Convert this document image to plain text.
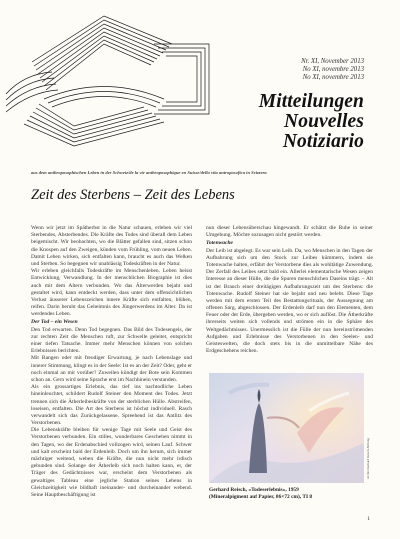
Nr. XI, November 2013
No XI, novembre 2013
No XI, novembre 2013
Mitteilungen
Nouvelles
Notiziario
aus dem anthroposophischen Leben in der Schweiz/de la vie anthroposophique en Suisse/della vita antroposofica in Svizzera
Zeit des Sterbens – Zeit des Lebens

Wenn wir jetzt im Spätherbst in die Natur schauen, erleben wir viel Sterbendes, Absterbendes. Die Kräfte des Todes sind überall dem Leben beigemischt. Wir beobachten, wo die Blätter gefallen sind, sitzen schon die Knospen auf den Zweigen, künden vom Frühling, vom neuen Leben. Damit Leben wirken, sich entfalten kann, braucht es auch das Welken und Sterben. So begegnen wir unablässig Todeskräften in der Natur.

Wir erleben gleichfalls Todeskräfte im Menschenleben. Leben heisst Entwicklung, Verwandlung. In der menschlichen Biographie ist dies auch mit dem Altern verbunden. Wo das Älterwerden bejaht und gestaltet wird, kann entdeckt werden, dass unter dem offensichtlichen Verlust äusserer Lebenszeichen innere Kräfte sich entfalten, blühen, reifen. Darin beruht das Geheimnis des Jüngerwerdens im Alter. Da ist werdendes Leben.

Der Tod – ein Wesen

Den Tod erwarten. Denn Tod begegnen. Das Bild des Todesengels, der zur rechten Zeit die Menschen ruft, zur Schwelle geleitet, entspricht einer tiefen Tatsache. Immer mehr Menschen können von solchen Erlebnissen berichten.

Mit Bangen oder mit freudiger Erwartung, je nach Lebenslage und innerer Stimmung, klingt es in der Seele: Ist es an der Zeit? Oder, geht er noch einmal an mir vorüber? Zuweilen kündigt der Bote sein Kommen schon an. Gern wird seine Sprache erst im Nachhinein verstanden.

Als ein grossartiges Erlebnis, das tief ins nachtodliche Leben hineinleuchtet, schildert Rudolf Steiner den Moment des Todes. Jetzt trennen sich die Ätherleibeskräfte von der sterblichen Hülle. Abstreifen, loseisen, entfalten. Die Art des Sterbens ist höchst individuell. Rasch verwandelt sich das Zurückgelassene. Spreehend ist das Antlitz des Verstorbenen.

Die Lebenskräfte bleiben für wenige Tage mit Seele und Geist des Verstorbenen verbunden. Ein stilles, wunderbares Geschehen nimmt in den Tagen, wo der Erdenabschied vollzogen wird, seinen Lauf. Schwer und kalt erscheint bald der Erdenleib. Doch um ihn herum, sich immer mächtiger weitend, weben die Kräfte, die nun nicht mehr irdisch gebunden sind. Solange der Ätherleib sich noch halten kann, er, der Träger des Gedächtnisses war, erscheint dem Verstorbenen als gewaltiges Tableau eine jegliche Station seines Lebens in Gleichzeitigkeit wie bildhaft ineinander- und durcheinander webend. Seine Hauptbeschäftigung ist

nun dieser Lebensüberschau hingewandt. Er schätzt die Ruhe in seiner Umgebung. Möchte sozusagen nicht gestört werden.

Totenwache

Der Leib ist abgelegt. Es war sein Leib. Da, wo Menschen in den Tagen der Aufbahrung sich um den Stock zur Leibes kümmern, indem sie Totenwache halten, erfährt der Verstorbene dies als wohltätige Zuwendung. Der Zerfall des Leibes setzt bald ein. Allerlei elementarische Wesen zeigen Interesse an dieser Hülle, die die Spuren menschlichen Daseins trägt. – Alt ist der Brauch einer dreitägigen Aufbahrungszeit um des Sterbens: die Totenwache. Rudolf Steiner hat sie bejaht und neu belebt. Diese Tage werden mit dem ersten Teil des Bestattungsrituals, der Aussegnung am offenen Sarg, abgeschlossen. Der Erdenleib darf nun den Elementen, dem Feuer oder der Erde, übergeben werden, wo er sich auflöst. Die Ätherkräfte ihrerseits weiten sich vollends und strömen ein in die Sphäre des Weltgedächtnisses. Unermesslich ist die Fülle der nun hereinströmenden Aufgaben und Erlebnisse des Verstorbenen in den Seelen- und Geisteswelten, die doch stets bis in die unmittelbare Nähe des Erdgeschehens reichen.

Archiv/Gerhard Reisch-Stiftung
Gerhard Reisch, «Todeserlebnis», 1959
(Mineralpigment auf Papier, 86×72 cm), TI 8
1
